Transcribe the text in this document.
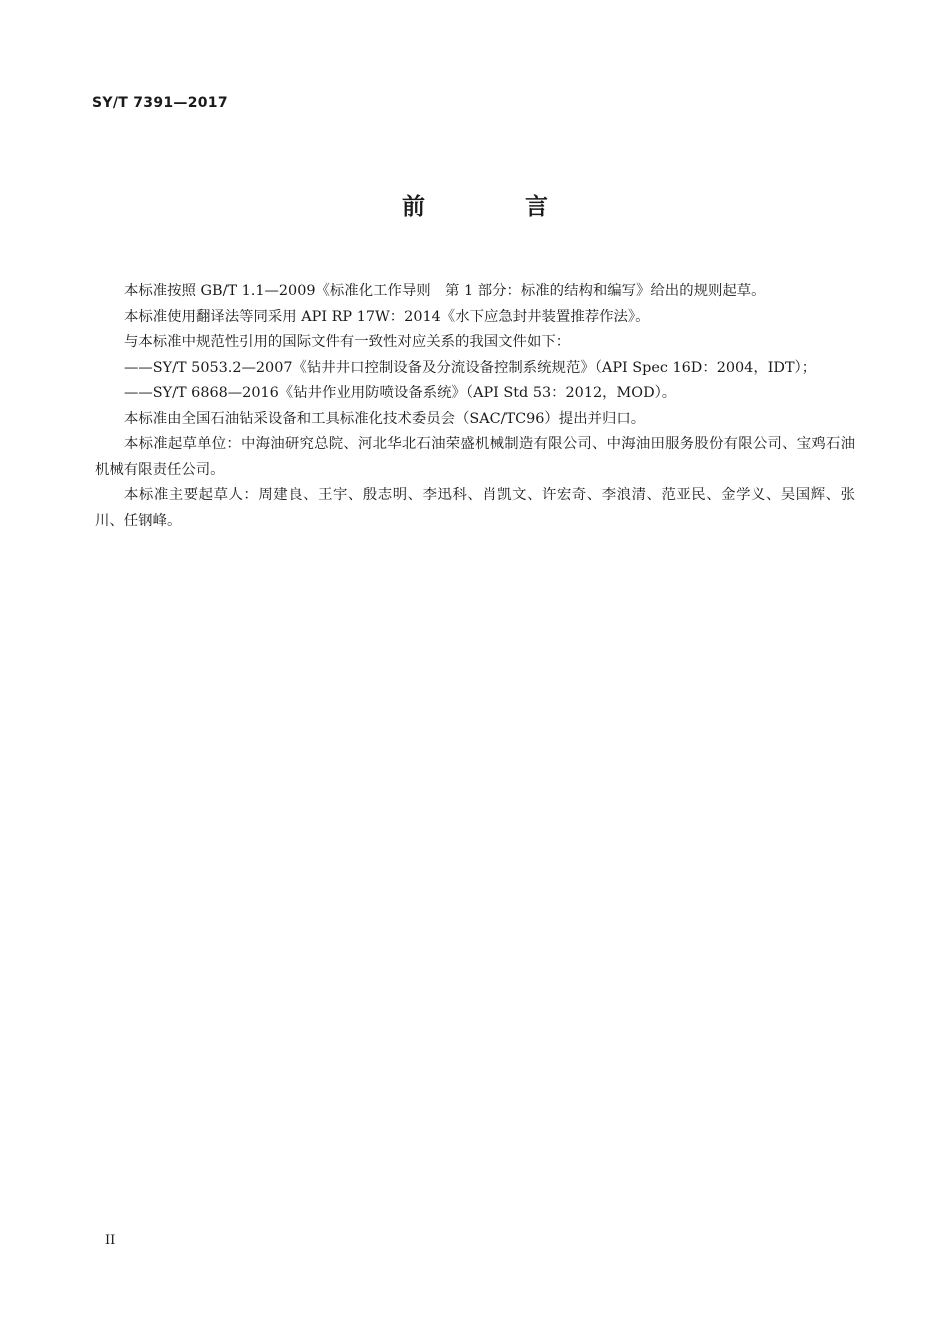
SY/T 7391—2017
前 言

本标准按照 GB/T 1.1—2009《标准化工作导则　第 1 部分：标准的结构和编写》给出的规则起草。

本标准使用翻译法等同采用 API RP 17W：2014《水下应急封井装置推荐作法》。

与本标准中规范性引用的国际文件有一致性对应关系的我国文件如下：

——SY/T 5053.2—2007《钻井井口控制设备及分流设备控制系统规范》（API Spec 16D：2004，IDT）；

——SY/T 6868—2016《钻井作业用防喷设备系统》（API Std 53：2012，MOD）。

本标准由全国石油钻采设备和工具标准化技术委员会（SAC/TC96）提出并归口。

本标准起草单位：中海油研究总院、河北华北石油荣盛机械制造有限公司、中海油田服务股份有限公司、宝鸡石油机械有限责任公司。

本标准主要起草人：周建良、王宇、殷志明、李迅科、肖凯文、许宏奇、李浪清、范亚民、金学义、吴国辉、张川、任钢峰。

II
